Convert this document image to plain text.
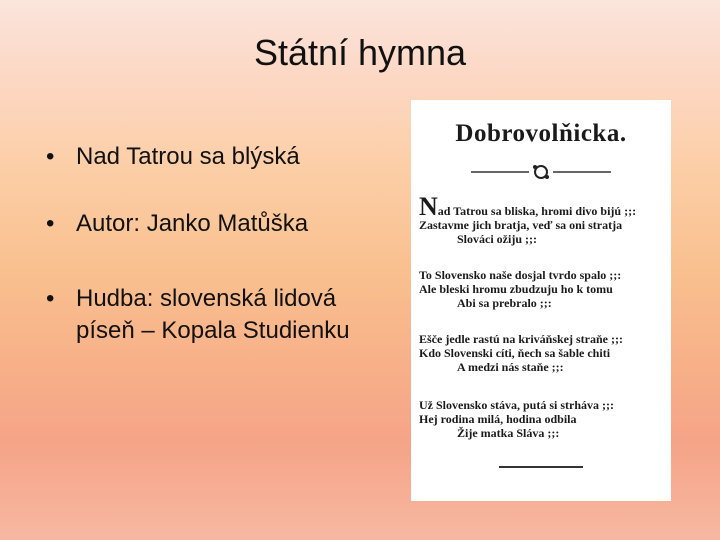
Státní hymna
• Nad Tatrou sa blýská
• Autor: Janko Matůška
• Hudba: slovenská lidová
píseň – Kopala Studienku
Dobrovolňicka.
Nad Tatrou sa bliska, hromi divo bijú ;;:
Zastavme jich bratja, veď sa oni stratja
Slováci ožiju ;;:
To Slovensko naše dosjal tvrdo spalo ;;:
Ale bleski hromu zbudzuju ho k tomu
Abi sa prebralo ;;:
Ešče jedle rastú na kriváňskej straňe ;;:
Kdo Slovenski cíti, ňech sa šable chiti
A medzi nás staňe ;;:
Už Slovensko stáva, putá si strháva ;;:
Hej rodina milá, hodina odbila
Žije matka Sláva ;;:
